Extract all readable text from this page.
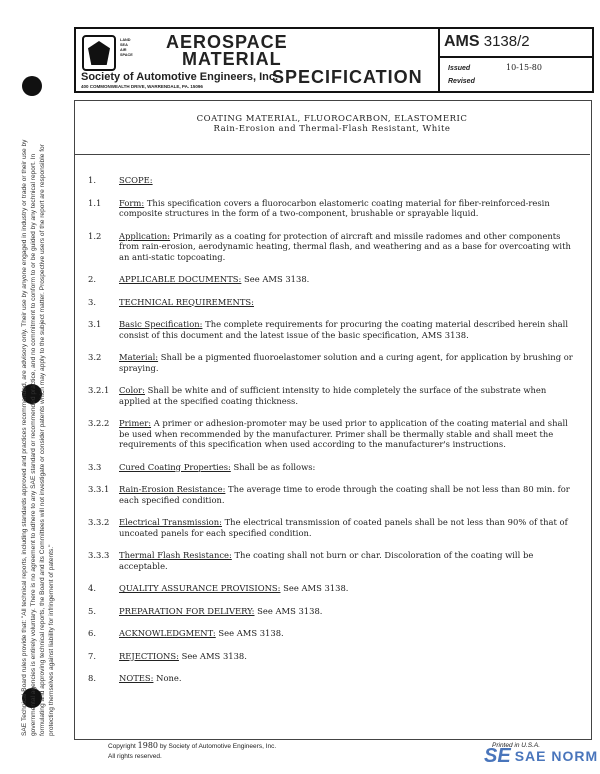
SAE Technical Board rules provide that: "All technical reports, including standards approved and practices recommended, are advisory only. Their use by anyone engaged in industry or trade or their use by governmental agencies is entirely voluntary. There is no agreement to adhere to any SAE standard or recommended practice, and no commitment to conform to or be guided by any technical report. In formulating and approving technical reports, the Board and its Committees will not investigate or consider patents which may apply to the subject matter. Prospective users of the report are responsible for protecting themselves against liability for infringement of patents."
LAND
SEA
AIR
SPACE
AEROSPACE
MATERIAL
Society of Automotive Engineers, Inc.
SPECIFICATION
400 COMMONWEALTH DRIVE, WARRENDALE, PA. 15096
AMS 3138/2
Issued	10-15-80
Revised
COATING MATERIAL, FLUOROCARBON, ELASTOMERIC
Rain-Erosion and Thermal-Flash Resistant, White
1.	SCOPE:
1.1 Form: This specification covers a fluorocarbon elastomeric coating material for fiber-reinforced-resin composite structures in the form of a two-component, brushable or sprayable liquid.
1.2 Application: Primarily as a coating for protection of aircraft and missile radomes and other components from rain-erosion, aerodynamic heating, thermal flash, and weathering and as a base for overcoating with an anti-static topcoating.
2.	APPLICABLE DOCUMENTS: See AMS 3138.
3.	TECHNICAL REQUIREMENTS:
3.1 Basic Specification: The complete requirements for procuring the coating material described herein shall consist of this document and the latest issue of the basic specification, AMS 3138.
3.2 Material: Shall be a pigmented fluoroelastomer solution and a curing agent, for application by brushing or spraying.
3.2.1 Color: Shall be white and of sufficient intensity to hide completely the surface of the substrate when applied at the specified coating thickness.
3.2.2 Primer: A primer or adhesion-promoter may be used prior to application of the coating material and shall be used when recommended by the manufacturer. Primer shall be thermally stable and shall meet the requirements of this specification when used according to the manufacturer's instructions.
3.3 Cured Coating Properties: Shall be as follows:
3.3.1 Rain-Erosion Resistance: The average time to erode through the coating shall be not less than 80 min. for each specified condition.
3.3.2 Electrical Transmission: The electrical transmission of coated panels shall be not less than 90% of that of uncoated panels for each specified condition.
3.3.3 Thermal Flash Resistance: The coating shall not burn or char. Discoloration of the coating will be acceptable.
4.	QUALITY ASSURANCE PROVISIONS: See AMS 3138.
5.	PREPARATION FOR DELIVERY: See AMS 3138.
6.	ACKNOWLEDGMENT: See AMS 3138.
7.	REJECTIONS: See AMS 3138.
8.	NOTES: None.
Copyright 1980 by Society of Automotive Engineers, Inc.
All rights reserved.	SE SAE NORM
Printed in U.S.A.
